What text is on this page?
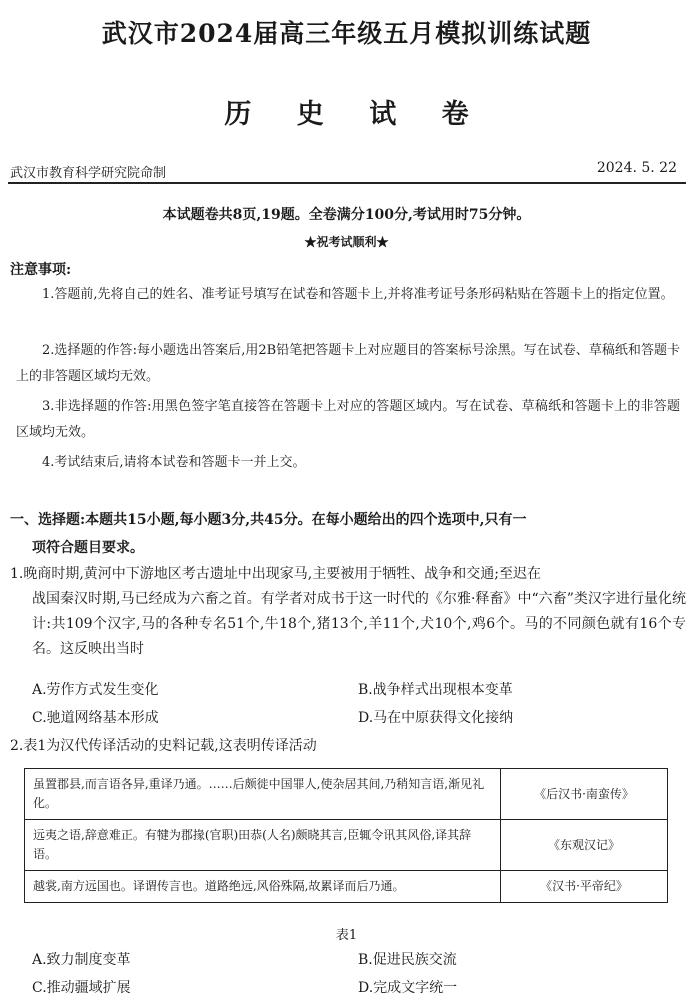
武汉市2024届高三年级五月模拟训练试题
历 史 试 卷
武汉市教育科学研究院命制	2024. 5. 22
本试题卷共8页,19题。全卷满分100分,考试用时75分钟。
★祝考试顺利★
注意事项:
1.答题前,先将自己的姓名、准考证号填写在试卷和答题卡上,并将准考证号条形码粘贴在答题卡上的指定位置。
2.选择题的作答:每小题选出答案后,用2B铅笔把答题卡上对应题目的答案标号涂黑。写在试卷、草稿纸和答题卡上的非答题区域均无效。
3.非选择题的作答:用黑色签字笔直接答在答题卡上对应的答题区域内。写在试卷、草稿纸和答题卡上的非答题区域均无效。
4.考试结束后,请将本试卷和答题卡一并上交。
一、选择题:本题共15小题,每小题3分,共45分。在每小题给出的四个选项中,只有一
项符合题目要求。
1.晚商时期,黄河中下游地区考古遗址中出现家马,主要被用于牺牲、战争和交通;至迟在
战国秦汉时期,马已经成为六畜之首。有学者对成书于这一时代的《尔雅·释畜》中“六畜”类汉字进行量化统计:共109个汉字,马的各种专名51个,牛18个,猪13个,羊11个,犬10个,鸡6个。马的不同颜色就有16个专名。这反映出当时
A.劳作方式发生变化	B.战争样式出现根本变革
C.驰道网络基本形成	D.马在中原获得文化接纳
2.表1为汉代传译活动的史料记载,这表明传译活动
虽置郡县,而言语各异,重译乃通。……后颇徙中国罪人,使杂居其间,乃稍知言语,渐见礼化。	《后汉书·南蛮传》
远夷之语,辞意难正。有犍为郡掾(官职)田恭(人名)颇晓其言,臣辄令讯其风俗,译其辞语。	《东观汉记》
越裳,南方远国也。译谓传言也。道路绝远,风俗殊隔,故累译而后乃通。	《汉书·平帝纪》
表1
A.致力制度变革	B.促进民族交流
C.推动疆域扩展	D.完成文字统一
